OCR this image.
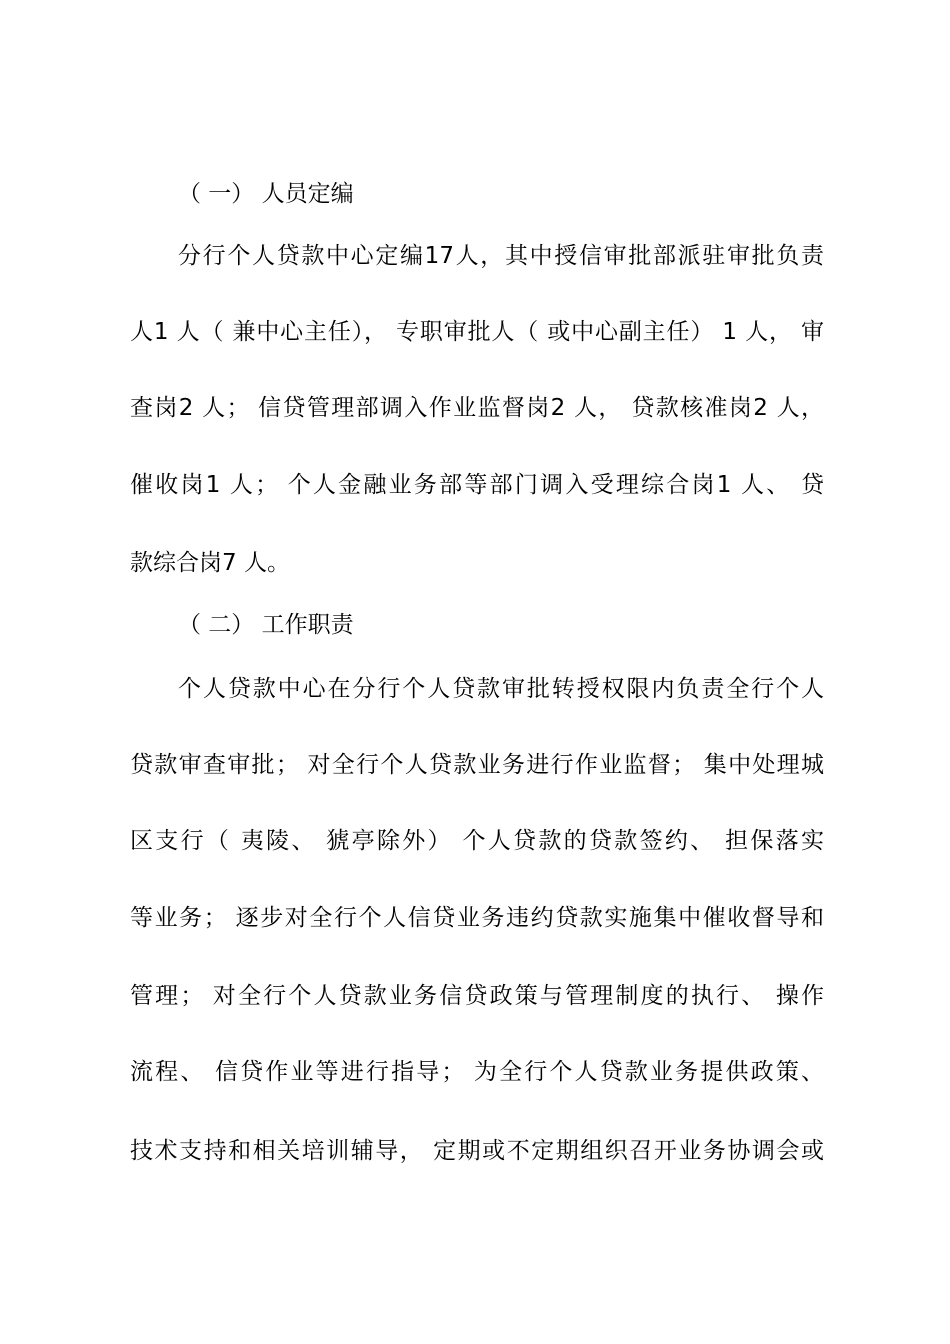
（ 一） 人员定编
分行个人贷款中心定编17人，其中授信审批部派驻审批负责
人1 人（ 兼中心主任）， 专职审批人（ 或中心副主任） 1 人， 审
查岗2 人； 信贷管理部调入作业监督岗2 人， 贷款核准岗2 人，
催收岗1 人； 个人金融业务部等部门调入受理综合岗1 人、 贷
款综合岗7 人。
（ 二） 工作职责
个人贷款中心在分行个人贷款审批转授权限内负责全行个人
贷款审查审批； 对全行个人贷款业务进行作业监督； 集中处理城
区支行（ 夷陵、 猇亭除外） 个人贷款的贷款签约、 担保落实
等业务； 逐步对全行个人信贷业务违约贷款实施集中催收督导和
管理； 对全行个人贷款业务信贷政策与管理制度的执行、 操作
流程、 信贷作业等进行指导； 为全行个人贷款业务提供政策、
技术支持和相关培训辅导， 定期或不定期组织召开业务协调会或
